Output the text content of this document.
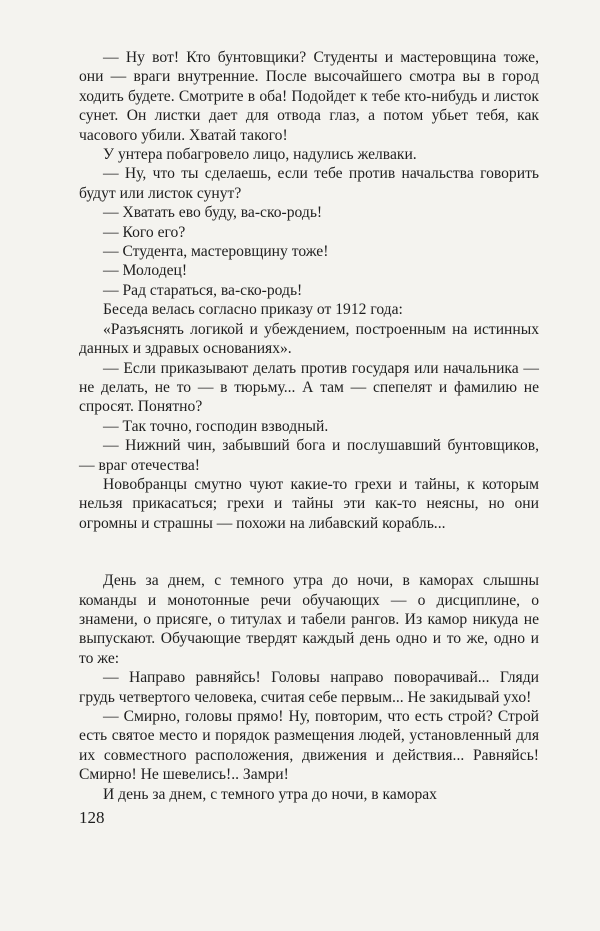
— Ну вот! Кто бунтовщики? Студенты и мастеровщина тоже, они — враги внутренние. После высочайшего смотра вы в город ходить будете. Смотрите в оба! Подойдет к тебе кто-нибудь и листок сунет. Он листки дает для отвода глаз, а потом убьет тебя, как часового убили. Хватай такого!

У унтера побагровело лицо, надулись желваки.

— Ну, что ты сделаешь, если тебе против начальства говорить будут или листок сунут?

— Хватать ево буду, ва-ско-родь!

— Кого его?

— Студента, мастеровщину тоже!

— Молодец!

— Рад стараться, ва-ско-родь!

Беседа велась согласно приказу от 1912 года:

«Разъяснять логикой и убеждением, построенным на истинных данных и здравых основаниях».

— Если приказывают делать против государя или начальника — не делать, не то — в тюрьму... А там — спепелят и фамилию не спросят. Понятно?

— Так точно, господин взводный.

— Нижний чин, забывший бога и послушавший бунтовщиков, — враг отечества!

Новобранцы смутно чуют какие-то грехи и тайны, к которым нельзя прикасаться; грехи и тайны эти как-то неясны, но они огромны и страшны — похожи на либавский корабль...

День за днем, с темного утра до ночи, в каморах слышны команды и монотонные речи обучающих — о дисциплине, о знамени, о присяге, о титулах и табели рангов. Из камор никуда не выпускают. Обучающие твердят каждый день одно и то же, одно и то же:

— Направо равняйсь! Головы направо поворачивай... Гляди грудь четвертого человека, считая себе первым... Не закидывай ухо!

— Смирно, головы прямо! Ну, повторим, что есть строй? Строй есть святое место и порядок размещения людей, установленный для их совместного расположения, движения и действия... Равняйсь! Смирно! Не шевелись!.. Замри!

И день за днем, с темного утра до ночи, в каморах

128
